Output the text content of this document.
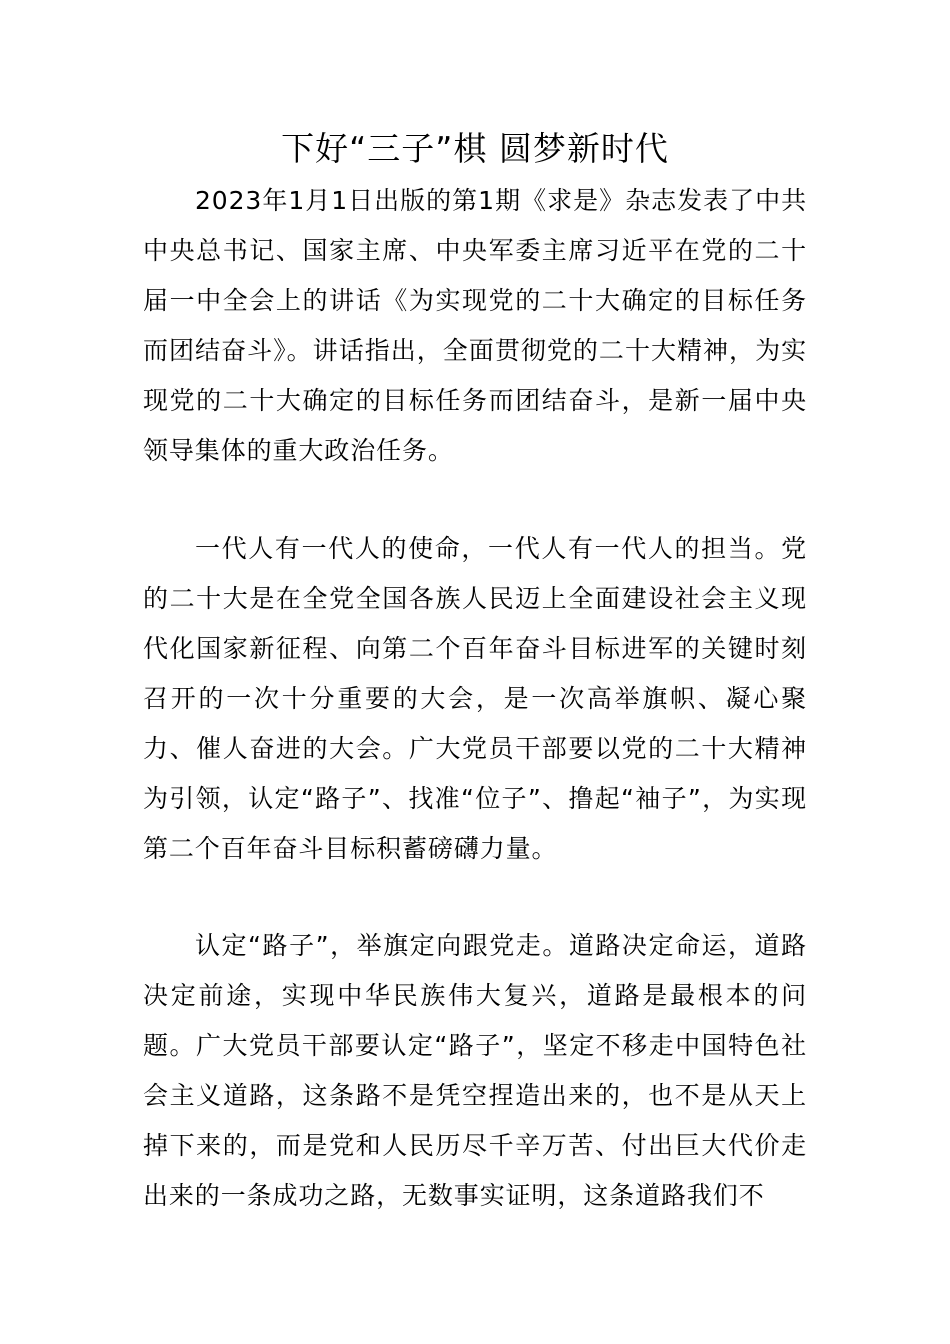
下好“三子”棋 圆梦新时代

2023年1月1日出版的第1期《求是》杂志发表了中共中央总书记、国家主席、中央军委主席习近平在党的二十届一中全会上的讲话《为实现党的二十大确定的目标任务而团结奋斗》。讲话指出，全面贯彻党的二十大精神，为实现党的二十大确定的目标任务而团结奋斗，是新一届中央领导集体的重大政治任务。

一代人有一代人的使命，一代人有一代人的担当。党的二十大是在全党全国各族人民迈上全面建设社会主义现代化国家新征程、向第二个百年奋斗目标进军的关键时刻召开的一次十分重要的大会，是一次高举旗帜、凝心聚力、催人奋进的大会。广大党员干部要以党的二十大精神为引领，认定“路子”、找准“位子”、撸起“袖子”，为实现第二个百年奋斗目标积蓄磅礴力量。

认定“路子”，举旗定向跟党走。道路决定命运，道路决定前途，实现中华民族伟大复兴，道路是最根本的问题。广大党员干部要认定“路子”，坚定不移走中国特色社会主义道路，这条路不是凭空捏造出来的，也不是从天上掉下来的，而是党和人民历尽千辛万苦、付出巨大代价走出来的一条成功之路，无数事实证明，这条道路我们不
